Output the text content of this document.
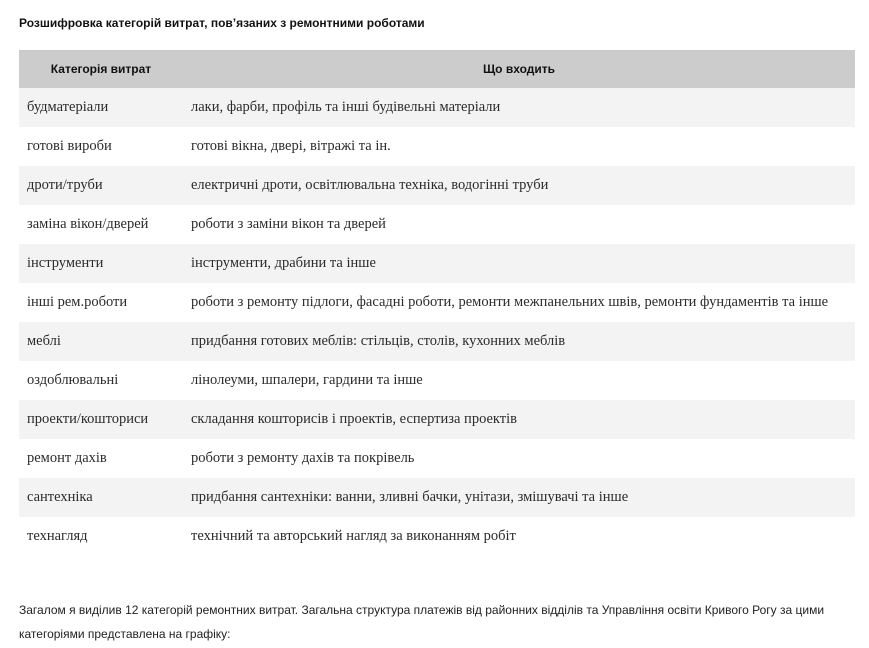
Розшифровка категорій витрат, пов’язаних з ремонтними роботами
Категорія витрат	Що входить
будматеріали	лаки, фарби, профіль та інші будівельні матеріали
готові вироби	готові вікна, двері, вітражі та ін.
дроти/труби	електричні дроти, освітлювальна техніка, водогінні труби
заміна вікон/дверей	роботи з заміни вікон та дверей
інструменти	інструменти, драбини та інше
інші рем.роботи	роботи з ремонту підлоги, фасадні роботи, ремонти межпанельних швів, ремонти фундаментів та інше
меблі	придбання готових меблів: стільців, столів, кухонних меблів
оздоблювальні	лінолеуми, шпалери, гардини та інше
проекти/кошториси	складання кошторисів і проектів, еспертиза проектів
ремонт дахів	роботи з ремонту дахів та покрівель
сантехніка	придбання сантехніки: ванни, зливні бачки, унітази, змішувачі та інше
технагляд	технічний та авторський нагляд за виконанням робіт
Загалом я виділив 12 категорій ремонтних витрат. Загальна структура платежів від районних відділів та Управління освіти Кривого Рогу за цими категоріями представлена на графіку:
